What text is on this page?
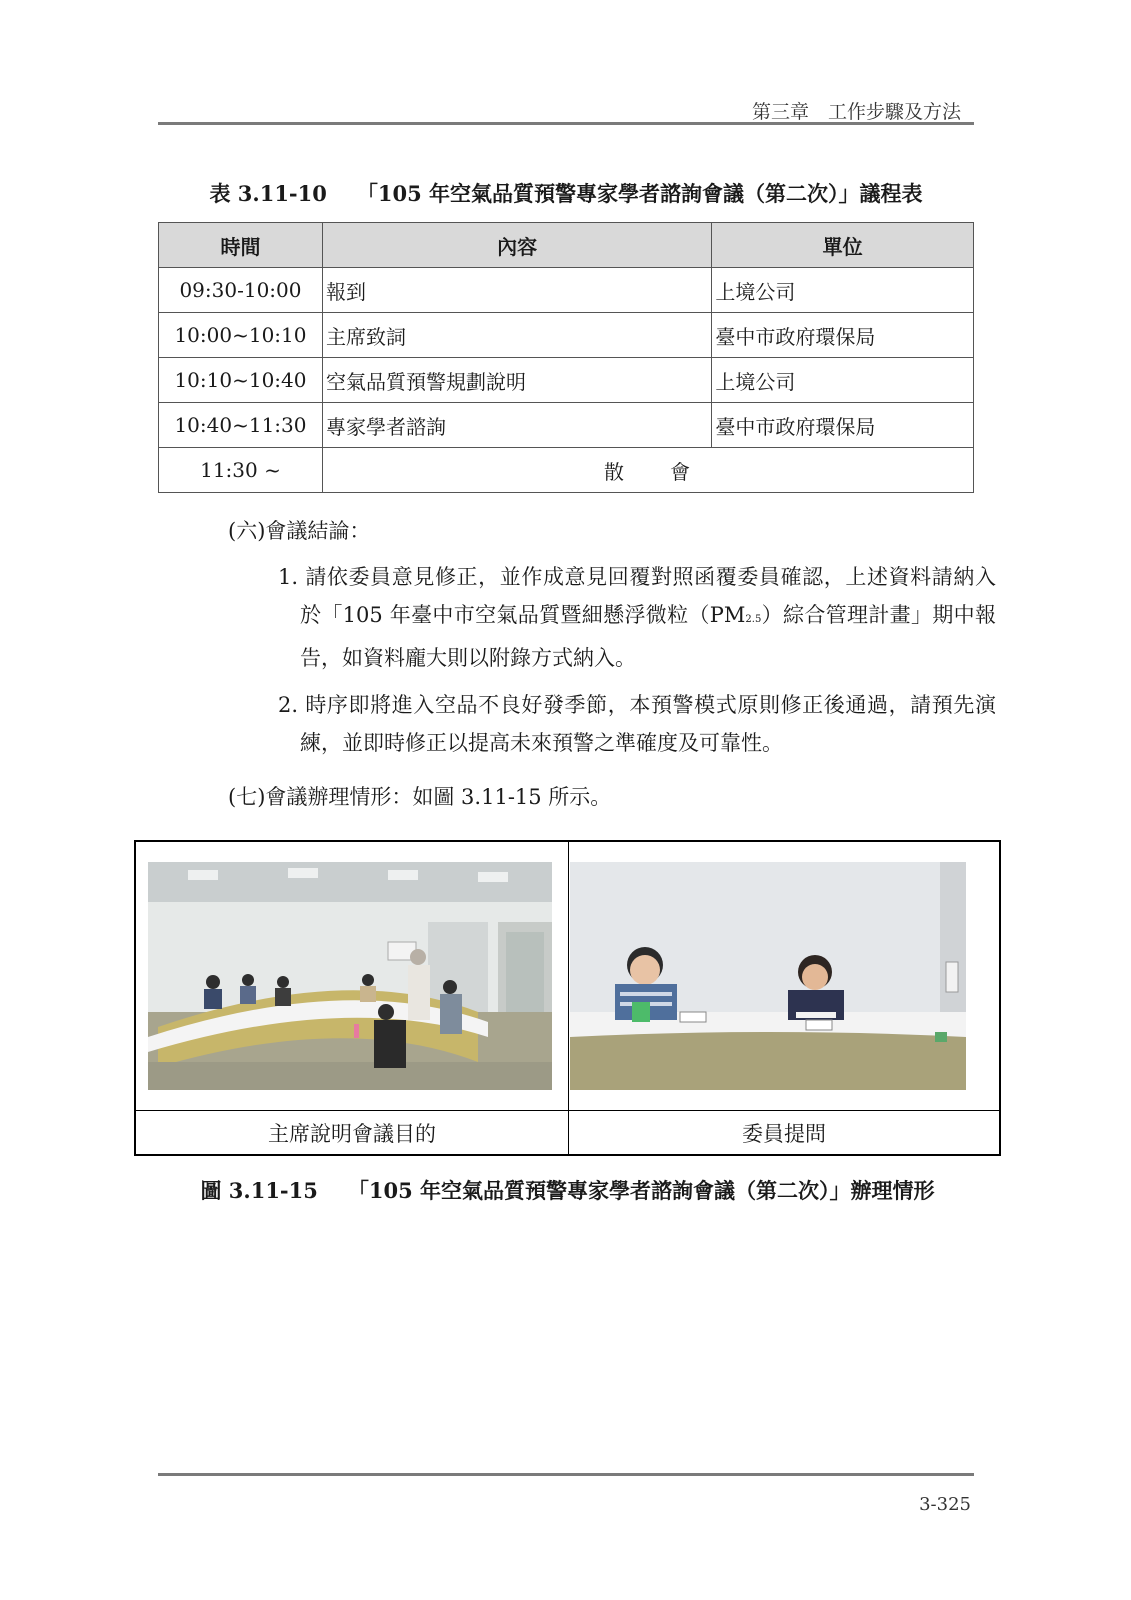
第三章　工作步驟及方法
表 3.11-10 「105 年空氣品質預警專家學者諮詢會議（第二次）」議程表
時間	內容	單位
09:30-10:00	報到	上境公司
10:00~10:10	主席致詞	臺中市政府環保局
10:10~10:40	空氣品質預警規劃說明	上境公司
10:40~11:30	專家學者諮詢	臺中市政府環保局
11:30 ~	散　　會	
(六)會議結論：
1. 請依委員意見修正，並作成意見回覆對照函覆委員確認，上述資料請納入於「105 年臺中市空氣品質暨細懸浮微粒（PM2.5）綜合管理計畫」期中報告，如資料龐大則以附錄方式納入。
2. 時序即將進入空品不良好發季節，本預警模式原則修正後通過，請預先演練，並即時修正以提高未來預警之準確度及可靠性。
(七)會議辦理情形：如圖 3.11-15 所示。
主席說明會議目的	委員提問
圖 3.11-15 「105 年空氣品質預警專家學者諮詢會議（第二次）」辦理情形
3-325
